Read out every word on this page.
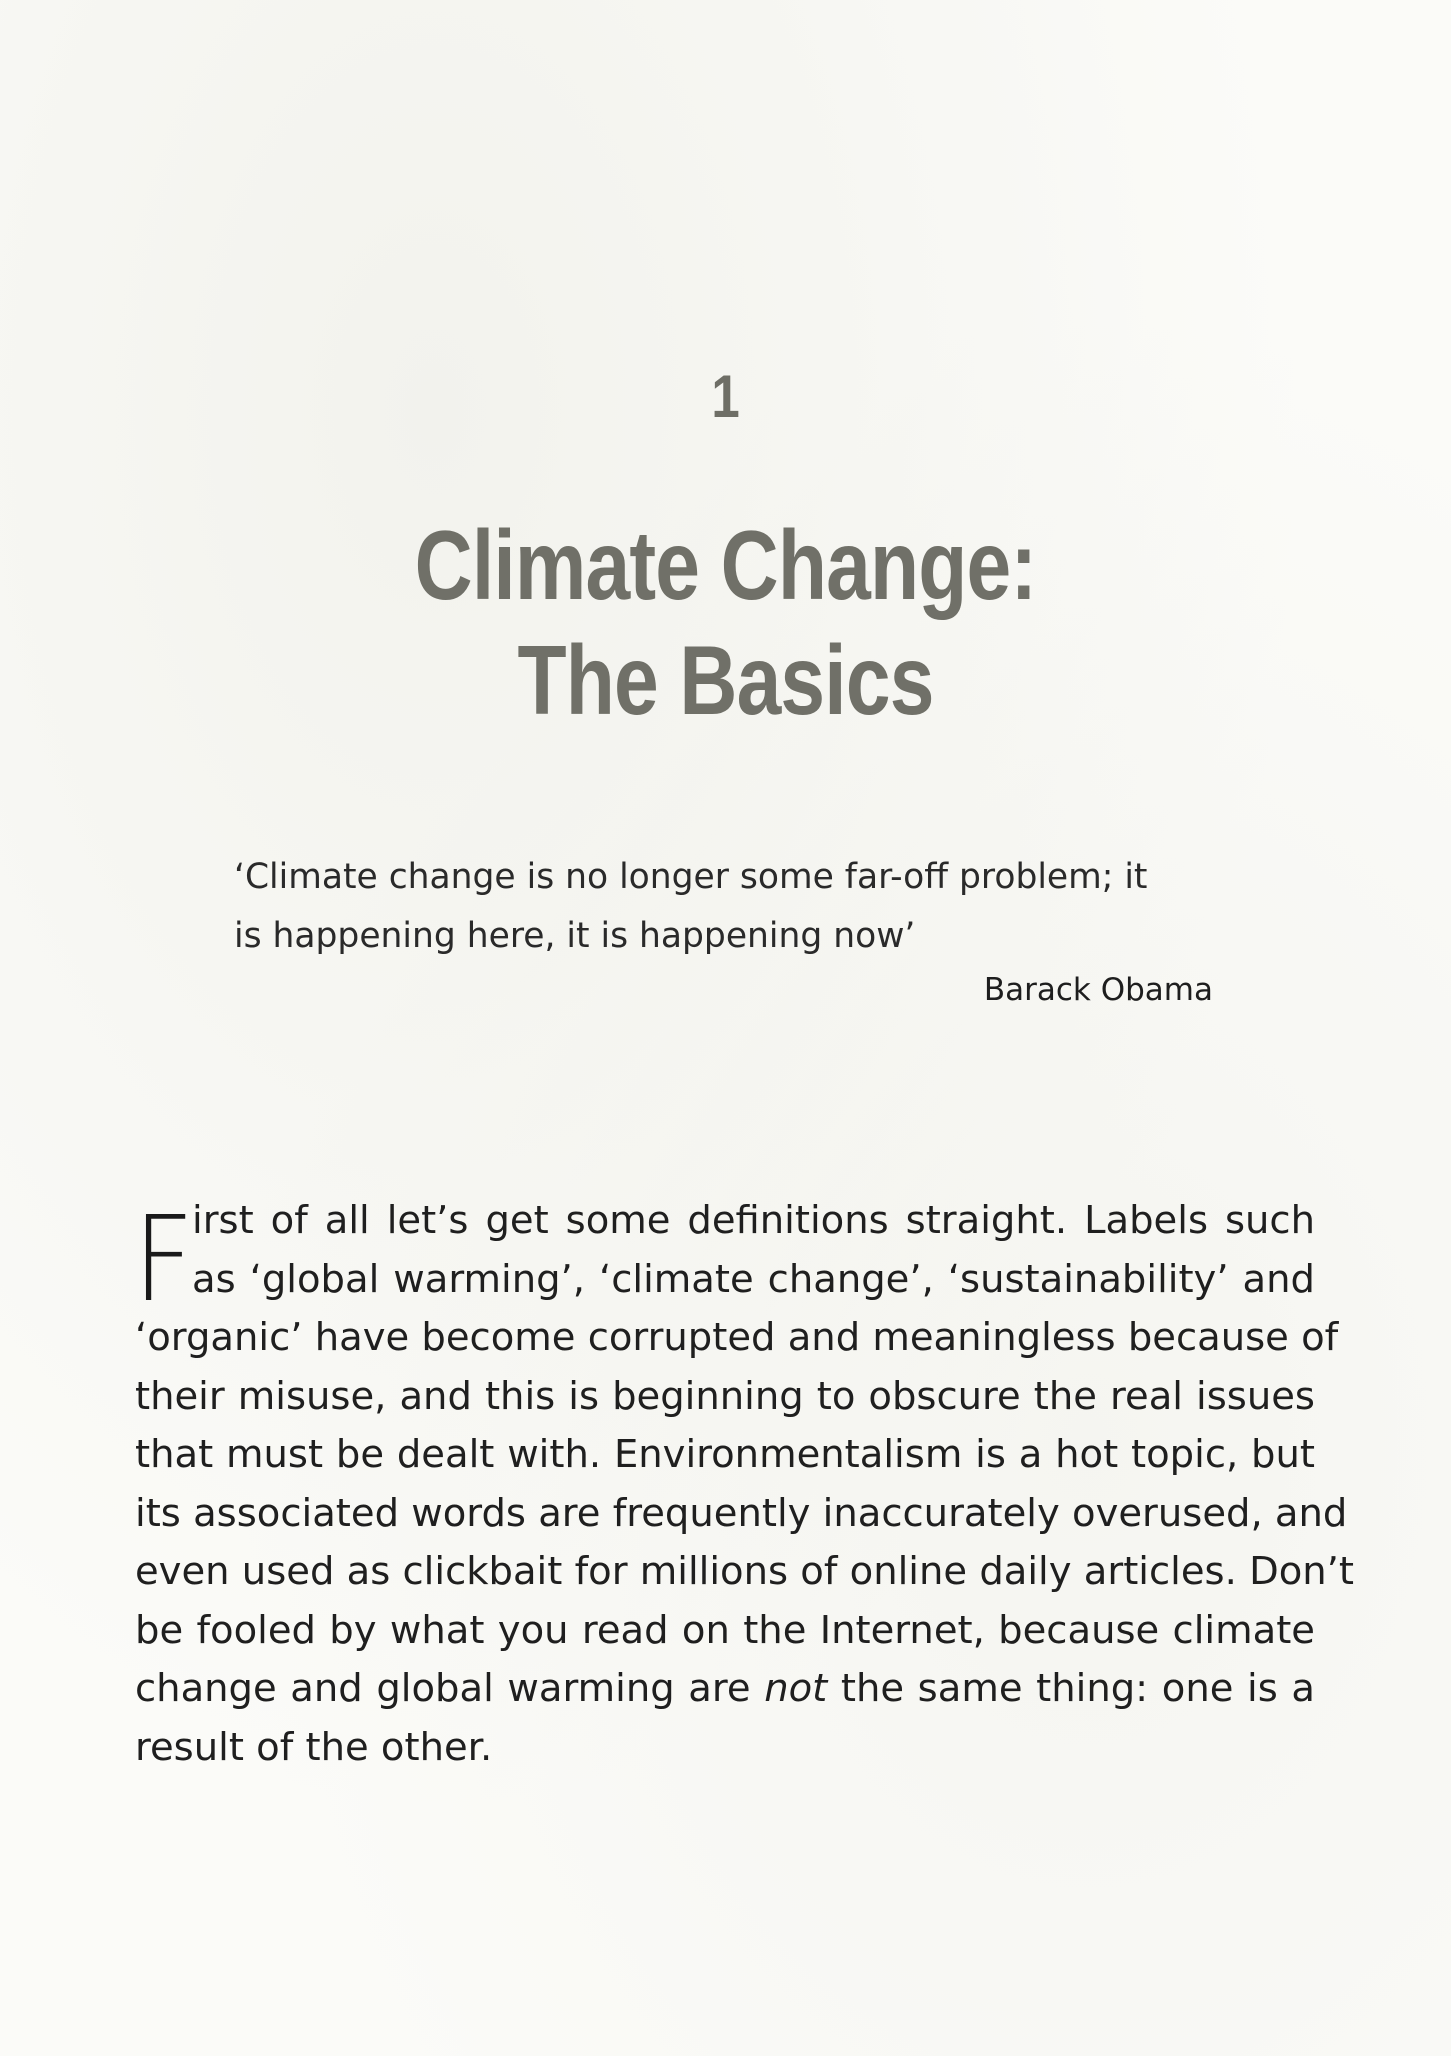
1
Climate Change:
The Basics
‘Climate change is no longer some far-off problem; it
is happening here, it is happening now’
Barack Obama
F
irst of all let’s get some definitions straight. Labels such
as ‘global warming’, ‘climate change’, ‘sustainability’ and
‘organic’ have become corrupted and meaningless because of
their misuse, and this is beginning to obscure the real issues
that must be dealt with. Environmentalism is a hot topic, but
its associated words are frequently inaccurately overused, and
even used as clickbait for millions of online daily articles. Don’t
be fooled by what you read on the Internet, because climate
change and global warming are not the same thing: one is a
result of the other.
